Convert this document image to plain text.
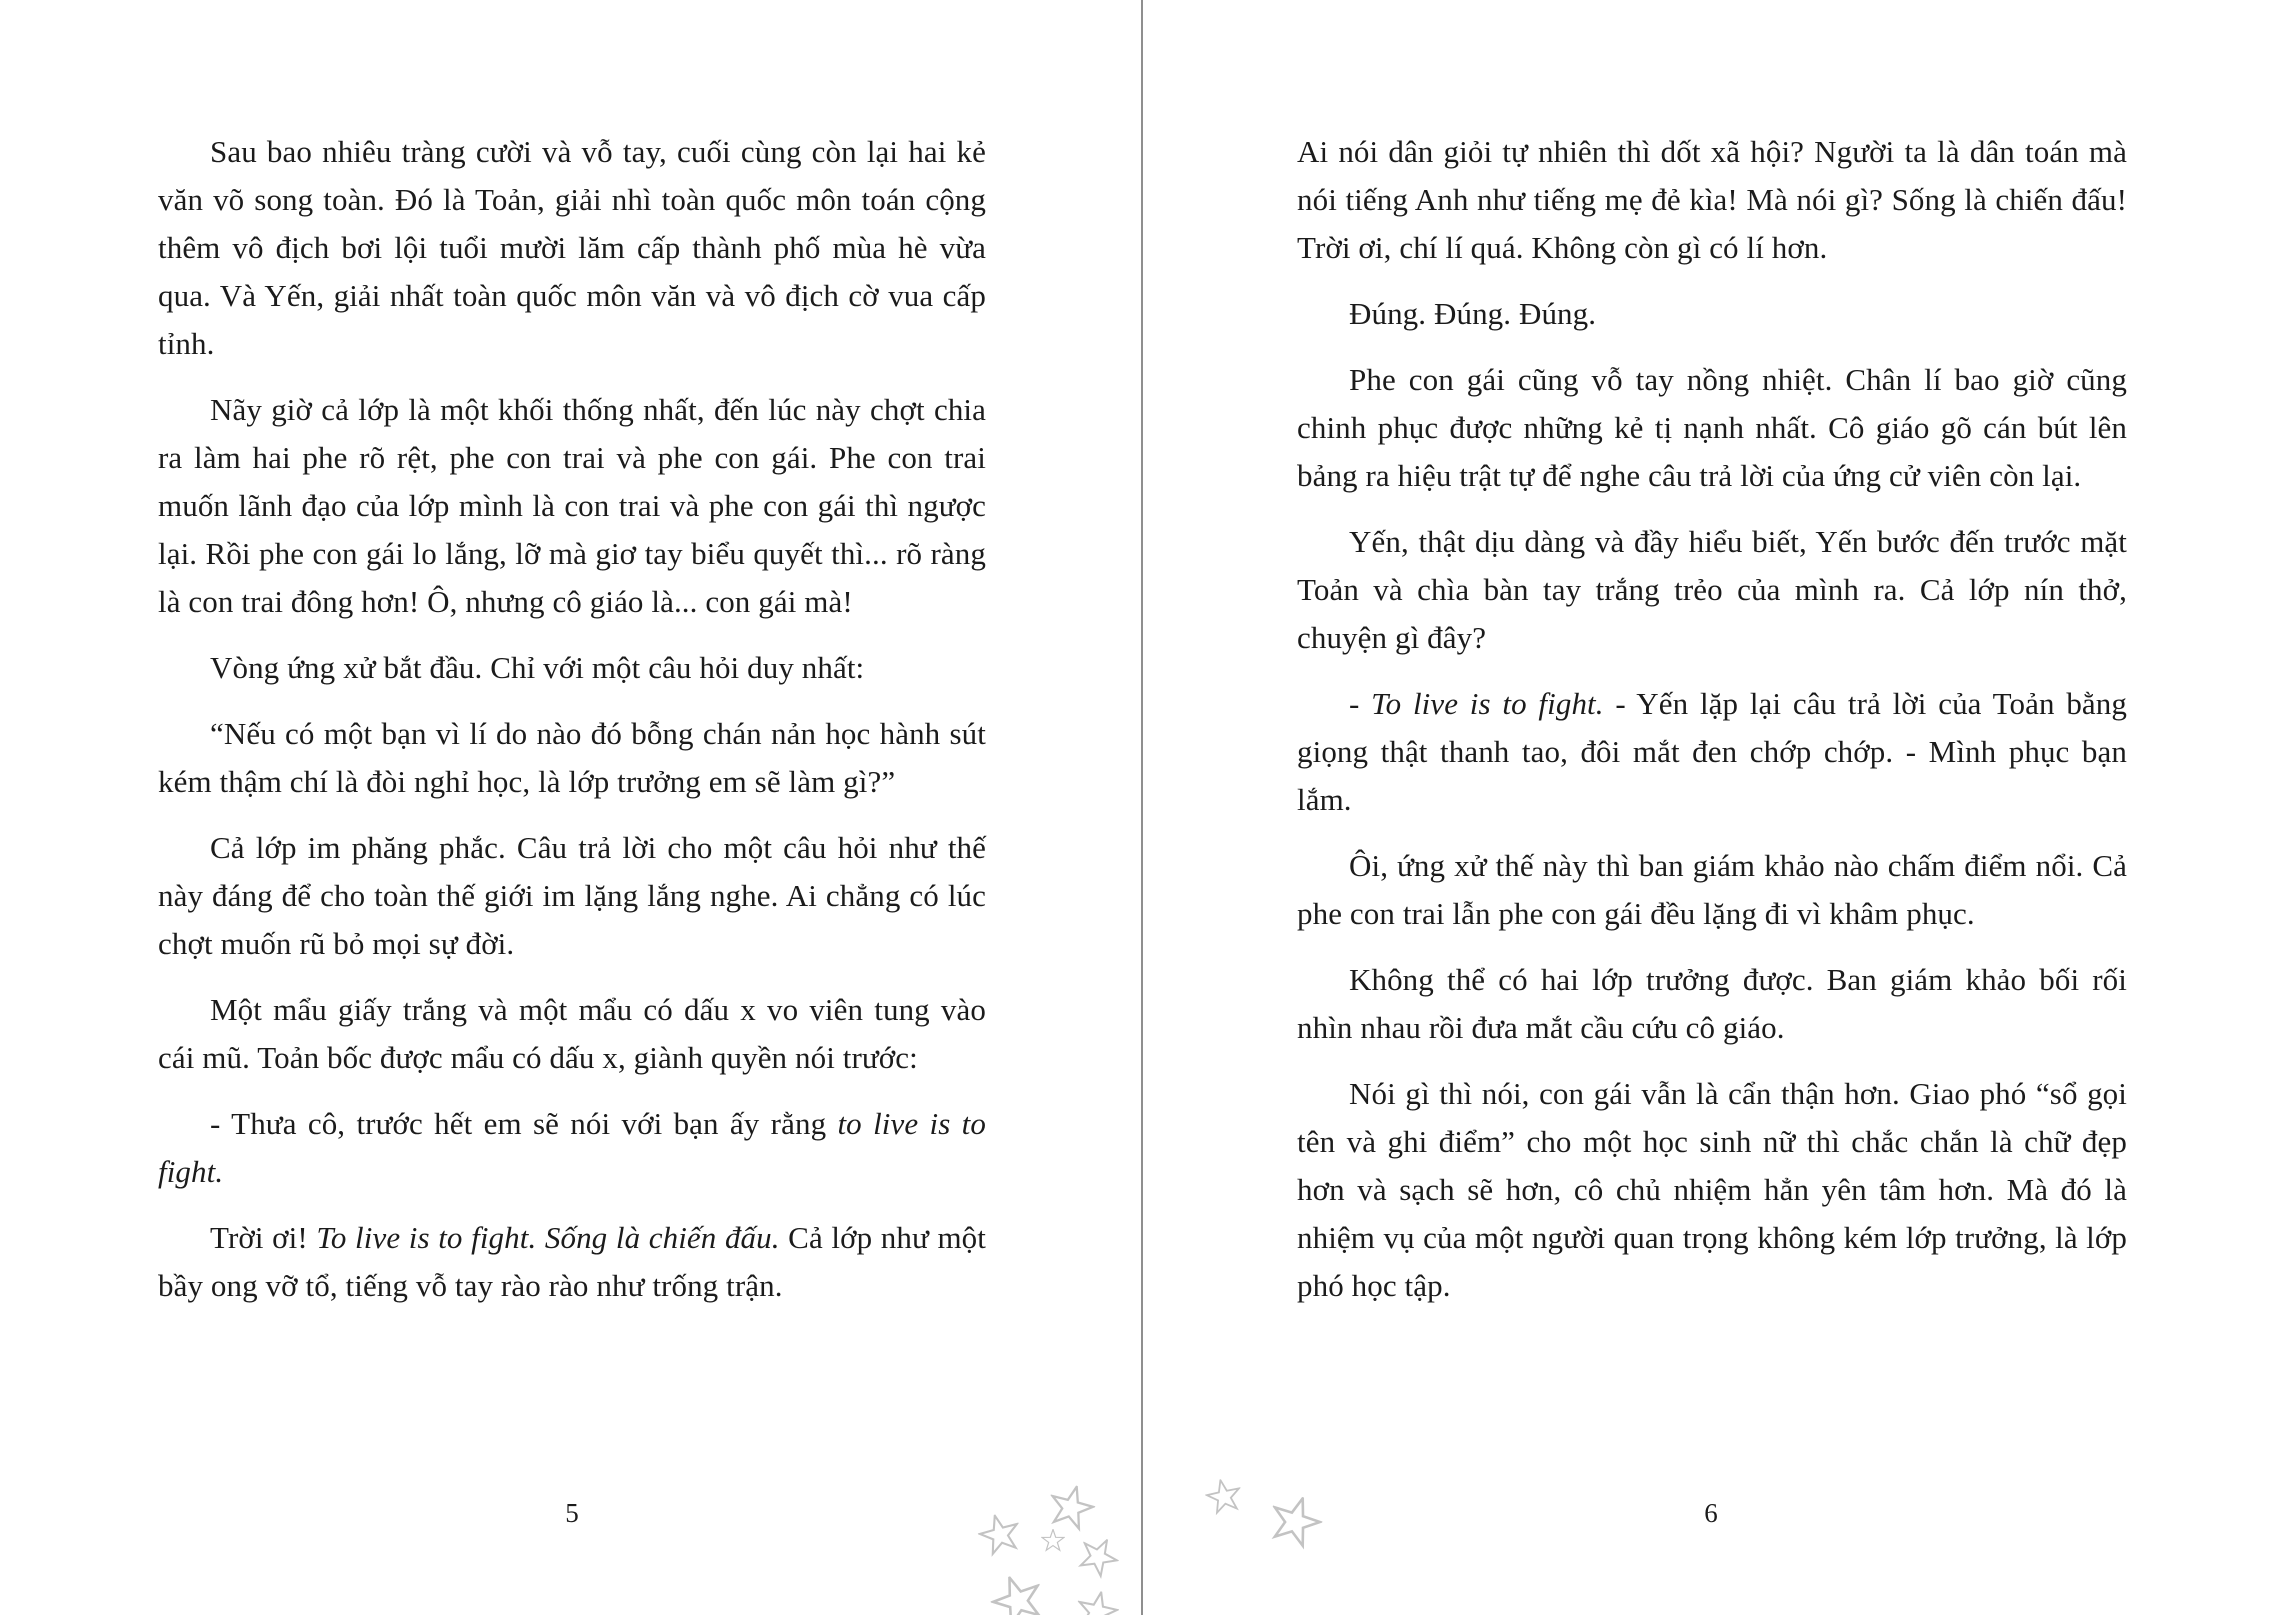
Sau bao nhiêu tràng cười và vỗ tay, cuối cùng còn lại hai kẻ văn võ song toàn. Đó là Toản, giải nhì toàn quốc môn toán cộng thêm vô địch bơi lội tuổi mười lăm cấp thành phố mùa hè vừa qua. Và Yến, giải nhất toàn quốc môn văn và vô địch cờ vua cấp tỉnh.

Nãy giờ cả lớp là một khối thống nhất, đến lúc này chợt chia ra làm hai phe rõ rệt, phe con trai và phe con gái. Phe con trai muốn lãnh đạo của lớp mình là con trai và phe con gái thì ngược lại. Rồi phe con gái lo lắng, lỡ mà giơ tay biểu quyết thì... rõ ràng là con trai đông hơn! Ô, nhưng cô giáo là... con gái mà!

Vòng ứng xử bắt đầu. Chỉ với một câu hỏi duy nhất:

“Nếu có một bạn vì lí do nào đó bỗng chán nản học hành sút kém thậm chí là đòi nghỉ học, là lớp trưởng em sẽ làm gì?”

Cả lớp im phăng phắc. Câu trả lời cho một câu hỏi như thế này đáng để cho toàn thế giới im lặng lắng nghe. Ai chẳng có lúc chợt muốn rũ bỏ mọi sự đời.

Một mẩu giấy trắng và một mẩu có dấu x vo viên tung vào cái mũ. Toản bốc được mẩu có dấu x, giành quyền nói trước:

- Thưa cô, trước hết em sẽ nói với bạn ấy rằng to live is to fight.

Trời ơi! To live is to fight. Sống là chiến đấu. Cả lớp như một bầy ong vỡ tổ, tiếng vỗ tay rào rào như trống trận.

5

Ai nói dân giỏi tự nhiên thì dốt xã hội? Người ta là dân toán mà nói tiếng Anh như tiếng mẹ đẻ kìa! Mà nói gì? Sống là chiến đấu! Trời ơi, chí lí quá. Không còn gì có lí hơn.

Đúng. Đúng. Đúng.

Phe con gái cũng vỗ tay nồng nhiệt. Chân lí bao giờ cũng chinh phục được những kẻ tị nạnh nhất. Cô giáo gõ cán bút lên bảng ra hiệu trật tự để nghe câu trả lời của ứng cử viên còn lại.

Yến, thật dịu dàng và đầy hiểu biết, Yến bước đến trước mặt Toản và chìa bàn tay trắng trẻo của mình ra. Cả lớp nín thở, chuyện gì đây?

- To live is to fight. - Yến lặp lại câu trả lời của Toản bằng giọng thật thanh tao, đôi mắt đen chớp chớp. - Mình phục bạn lắm.

Ôi, ứng xử thế này thì ban giám khảo nào chấm điểm nổi. Cả phe con trai lẫn phe con gái đều lặng đi vì khâm phục.

Không thể có hai lớp trưởng được. Ban giám khảo bối rối nhìn nhau rồi đưa mắt cầu cứu cô giáo.

Nói gì thì nói, con gái vẫn là cẩn thận hơn. Giao phó “sổ gọi tên và ghi điểm” cho một học sinh nữ thì chắc chắn là chữ đẹp hơn và sạch sẽ hơn, cô chủ nhiệm hẳn yên tâm hơn. Mà đó là nhiệm vụ của một người quan trọng không kém lớp trưởng, là lớp phó học tập.

6
